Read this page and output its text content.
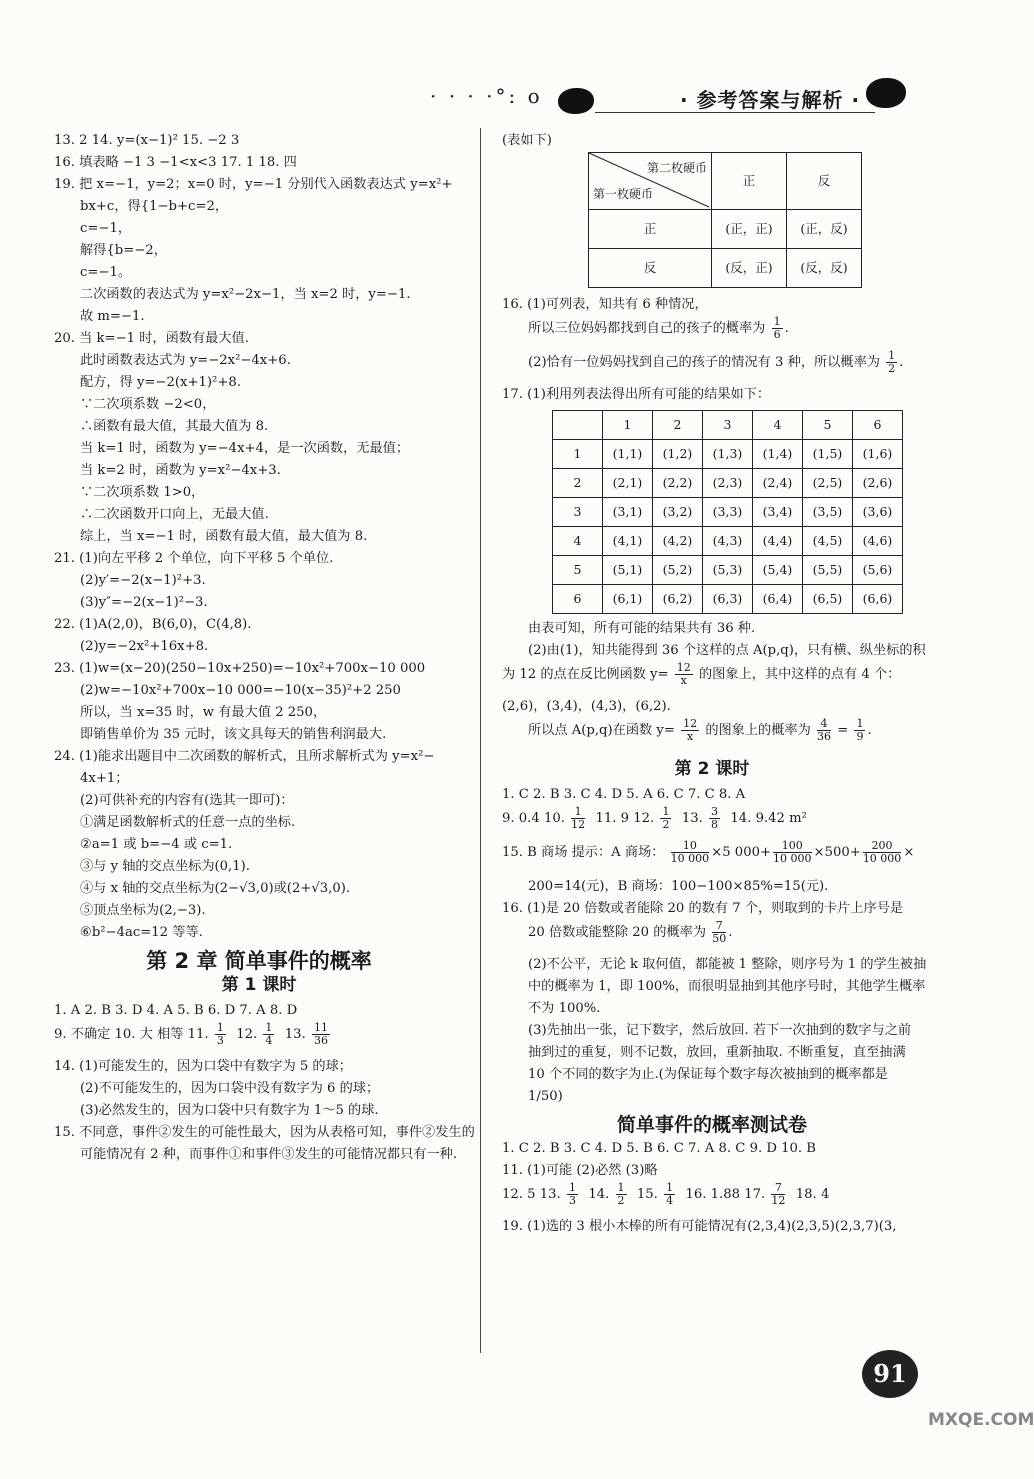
· · · ·°: o	· 参考答案与解析 ·
13. 2 14. y=(x−1)² 15. −2 3
16. 填表略 −1 3 −1<x<3 17. 1 18. 四
19. 把 x=−1，y=2；x=0 时，y=−1 分别代入函数表达式 y=x²+
bx+c，得{1−b+c=2，
c=−1，
解得{b=−2，
c=−1。
二次函数的表达式为 y=x²−2x−1，当 x=2 时，y=−1.
故 m=−1.
20. 当 k=−1 时，函数有最大值.
此时函数表达式为 y=−2x²−4x+6.
配方，得 y=−2(x+1)²+8.
∵二次项系数 −2<0，
∴函数有最大值，其最大值为 8.
当 k=1 时，函数为 y=−4x+4，是一次函数，无最值；
当 k=2 时，函数为 y=x²−4x+3.
∵二次项系数 1>0，
∴二次函数开口向上，无最大值.
综上，当 x=−1 时，函数有最大值，最大值为 8.
21. (1)向左平移 2 个单位，向下平移 5 个单位.
(2)y′=−2(x−1)²+3.
(3)y″=−2(x−1)²−3.
22. (1)A(2,0)，B(6,0)，C(4,8).
(2)y=−2x²+16x+8.
23. (1)w=(x−20)(250−10x+250)=−10x²+700x−10 000
(2)w=−10x²+700x−10 000=−10(x−35)²+2 250
所以，当 x=35 时，w 有最大值 2 250，
即销售单价为 35 元时，该文具每天的销售利润最大.
24. (1)能求出题目中二次函数的解析式，且所求解析式为 y=x²−
4x+1；
(2)可供补充的内容有(选其一即可)：
①满足函数解析式的任意一点的坐标.
②a=1 或 b=−4 或 c=1.
③与 y 轴的交点坐标为(0,1).
④与 x 轴的交点坐标为(2−√3,0)或(2+√3,0).
⑤顶点坐标为(2,−3).
⑥b²−4ac=12 等等.
第 2 章 简单事件的概率
第 1 课时
1. A 2. B 3. D 4. A 5. B 6. D 7. A 8. D
9. 不确定 10. 大 相等 11. $\frac{1}{3} 12$. $\frac{1}{4} 13$. $\frac{11}{36}$
14. (1)可能发生的，因为口袋中有数字为 5 的球；
(2)不可能发生的，因为口袋中没有数字为 6 的球；
(3)必然发生的，因为口袋中只有数字为 1～5 的球.
15. 不同意，事件②发生的可能性最大，因为从表格可知，事件②发生的
可能情况有 2 种，而事件①和事件③发生的可能情况都只有一种.
(表如下)
第二枚硬币
第一枚硬币	正	反
正	(正，正)	(正，反)
反	(反，正)	(反，反)
16. (1)可列表，知共有 6 种情况，
所以三位妈妈都找到自己的孩子的概率为 $\frac{1}{6}$ .
(2)恰有一位妈妈找到自己的孩子的情况有 3 种，所以概率为 $\frac{1}{2}$ .
17. (1)利用列表法得出所有可能的结果如下：
	1	2	3	4	5	6
1	(1,1)	(1,2)	(1,3)	(1,4)	(1,5)	(1,6)
2	(2,1)	(2,2)	(2,3)	(2,4)	(2,5)	(2,6)
3	(3,1)	(3,2)	(3,3)	(3,4)	(3,5)	(3,6)
4	(4,1)	(4,2)	(4,3)	(4,4)	(4,5)	(4,6)
5	(5,1)	(5,2)	(5,3)	(5,4)	(5,5)	(5,6)
6	(6,1)	(6,2)	(6,3)	(6,4)	(6,5)	(6,6)
由表可知，所有可能的结果共有 36 种.
(2)由(1)，知共能得到 36 个这样的点 A(p,q)，只有横、纵坐标的积
为 12 的点在反比例函数 $y= \frac{12}{x}$ 的图象上，其中这样的点有 4 个：
(2,6)，(3,4)，(4,3)，(6,2).
所以点 A(p,q)在函数 $y= \frac{12}{x}$ 的图象上的概率为 $\frac{4}{36} = \frac{1}{9}$ .
第 2 课时
1. C 2. B 3. C 4. D 5. A 6. C 7. C 8. A
9. 0.4 10. $\frac{1}{12} 11$. 9 12. $\frac{1}{2} 13$. $\frac{3}{8} 14$. 9.42 m²
15. B 商场 提示：A 商场： $\frac{10}{10 000} \times 5$ $000+ \frac{100}{10 000} \times 500+ \frac{200}{10 000}$ ×
200=14(元)，B 商场：100−100×85%=15(元).
16. (1)是 20 倍数或者能除 20 的数有 7 个，则取到的卡片上序号是
20 倍数或能整除 20 的概率为 $\frac{7}{50}$ .
(2)不公平，无论 k 取何值，都能被 1 整除，则序号为 1 的学生被抽
中的概率为 1，即 100%，而很明显抽到其他序号时，其他学生概率
不为 100%.
(3)先抽出一张，记下数字，然后放回. 若下一次抽到的数字与之前
抽到过的重复，则不记数，放回，重新抽取. 不断重复，直至抽满
10 个不同的数字为止.(为保证每个数字每次被抽到的概率都是
1/50)
简单事件的概率测试卷
1. C 2. B 3. C 4. D 5. B 6. C 7. A 8. C 9. D 10. B
11. (1)可能 (2)必然 (3)略
12. 5 13. $\frac{1}{3} 14$. $\frac{1}{2} 15$. $\frac{1}{4} 16$. 1.88 17. $\frac{7}{12} 18$. 4
19. (1)选的 3 根小木棒的所有可能情况有(2,3,4)(2,3,5)(2,3,7)(3,
91
MXQE.COM
